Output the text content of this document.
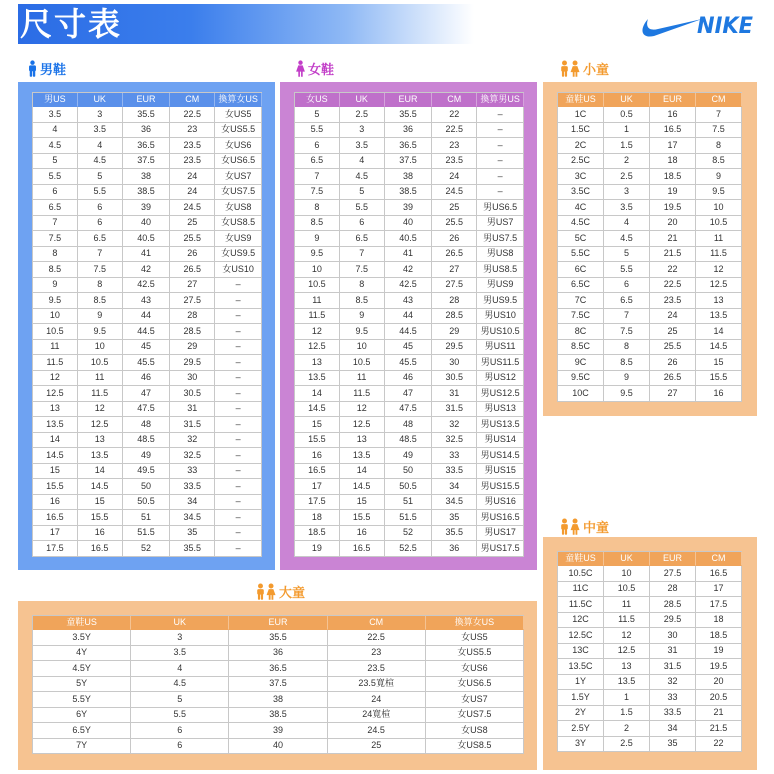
尺寸表	NIKE
男鞋
男US	UK	EUR	CM	換算女US
3.5	3	35.5	22.5	女US5
4	3.5	36	23	女US5.5
4.5	4	36.5	23.5	女US6
5	4.5	37.5	23.5	女US6.5
5.5	5	38	24	女US7
6	5.5	38.5	24	女US7.5
6.5	6	39	24.5	女US8
7	6	40	25	女US8.5
7.5	6.5	40.5	25.5	女US9
8	7	41	26	女US9.5
8.5	7.5	42	26.5	女US10
9	8	42.5	27	–
9.5	8.5	43	27.5	–
10	9	44	28	–
10.5	9.5	44.5	28.5	–
11	10	45	29	–
11.5	10.5	45.5	29.5	–
12	11	46	30	–
12.5	11.5	47	30.5	–
13	12	47.5	31	–
13.5	12.5	48	31.5	–
14	13	48.5	32	–
14.5	13.5	49	32.5	–
15	14	49.5	33	–
15.5	14.5	50	33.5	–
16	15	50.5	34	–
16.5	15.5	51	34.5	–
17	16	51.5	35	–
17.5	16.5	52	35.5	–
女鞋
女US	UK	EUR	CM	換算男US
5	2.5	35.5	22	–
5.5	3	36	22.5	–
6	3.5	36.5	23	–
6.5	4	37.5	23.5	–
7	4.5	38	24	–
7.5	5	38.5	24.5	–
8	5.5	39	25	男US6.5
8.5	6	40	25.5	男US7
9	6.5	40.5	26	男US7.5
9.5	7	41	26.5	男US8
10	7.5	42	27	男US8.5
10.5	8	42.5	27.5	男US9
11	8.5	43	28	男US9.5
11.5	9	44	28.5	男US10
12	9.5	44.5	29	男US10.5
12.5	10	45	29.5	男US11
13	10.5	45.5	30	男US11.5
13.5	11	46	30.5	男US12
14	11.5	47	31	男US12.5
14.5	12	47.5	31.5	男US13
15	12.5	48	32	男US13.5
15.5	13	48.5	32.5	男US14
16	13.5	49	33	男US14.5
16.5	14	50	33.5	男US15
17	14.5	50.5	34	男US15.5
17.5	15	51	34.5	男US16
18	15.5	51.5	35	男US16.5
18.5	16	52	35.5	男US17
19	16.5	52.5	36	男US17.5
小童
童鞋US	UK	EUR	CM
1C	0.5	16	7
1.5C	1	16.5	7.5
2C	1.5	17	8
2.5C	2	18	8.5
3C	2.5	18.5	9
3.5C	3	19	9.5
4C	3.5	19.5	10
4.5C	4	20	10.5
5C	4.5	21	11
5.5C	5	21.5	11.5
6C	5.5	22	12
6.5C	6	22.5	12.5
7C	6.5	23.5	13
7.5C	7	24	13.5
8C	7.5	25	14
8.5C	8	25.5	14.5
9C	8.5	26	15
9.5C	9	26.5	15.5
10C	9.5	27	16
中童
童鞋US	UK	EUR	CM
10.5C	10	27.5	16.5
11C	10.5	28	17
11.5C	11	28.5	17.5
12C	11.5	29.5	18
12.5C	12	30	18.5
13C	12.5	31	19
13.5C	13	31.5	19.5
1Y	13.5	32	20
1.5Y	1	33	20.5
2Y	1.5	33.5	21
2.5Y	2	34	21.5
3Y	2.5	35	22
大童
童鞋US	UK	EUR	CM	換算女US
3.5Y	3	35.5	22.5	女US5
4Y	3.5	36	23	女US5.5
4.5Y	4	36.5	23.5	女US6
5Y	4.5	37.5	23.5寬楦	女US6.5
5.5Y	5	38	24	女US7
6Y	5.5	38.5	24寬楦	女US7.5
6.5Y	6	39	24.5	女US8
7Y	6	40	25	女US8.5
